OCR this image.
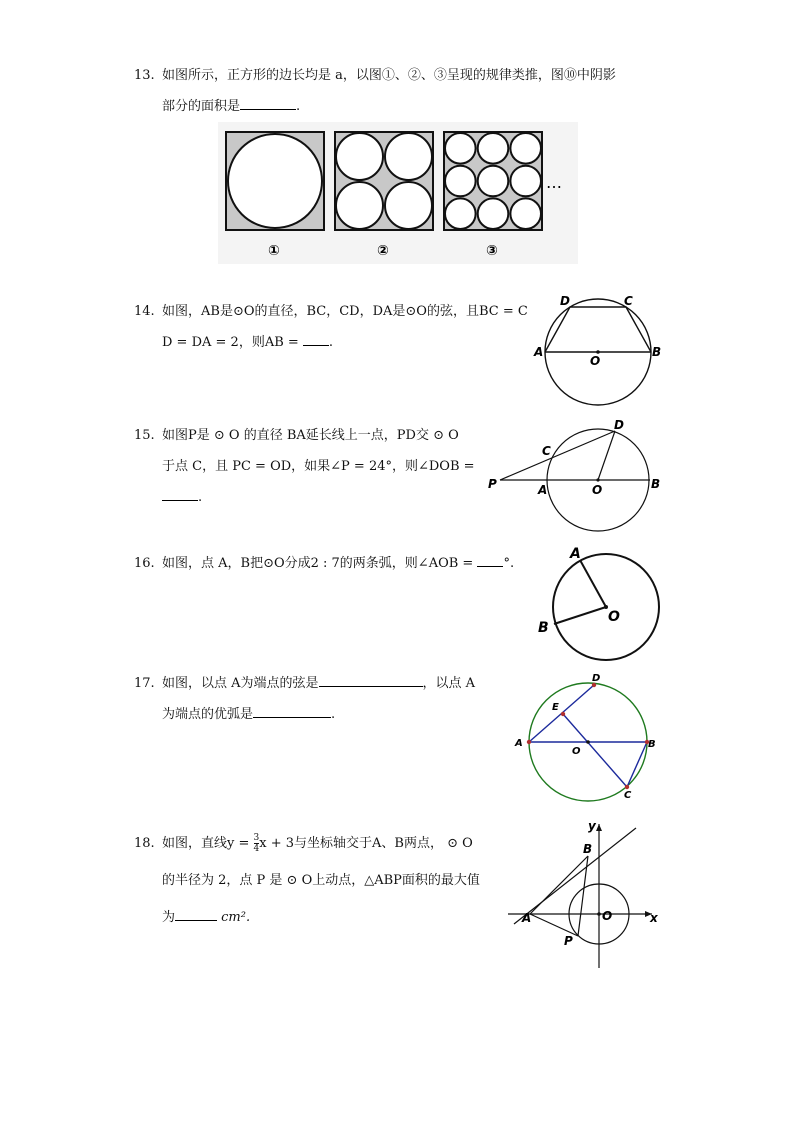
13. 如图所示，正方形的边长均是 a，以图①、②、③呈现的规律类推，图⑩中阴影
部分的面积是	.
…
①	②	③
14. 如图，AB是⊙O的直径，BC，CD，DA是⊙O的弦，且BC = C
D = DA = 2，则AB = .
D	C
A
O
B
15. 如图P是 ⊙ O 的直径 BA延长线上一点，PD交 ⊙ O
于点 C，且 PC = OD，如果∠P = 24°，则∠DOB =
.
D
C
P	A	O	B
16. 如图，点 A，B把⊙O分成2 : 7的两条弧，则∠AOB = °.
A
B
O
17. 如图，以点 A为端点的弦是	，以点 A
为端点的优弧是	.
D
E
A
O
B
C
18. 如图，直线$y = \frac{3}{4}$ x + 3与坐标轴交于A、B两点， ⊙ O
的半径为 2，点 P 是 ⊙ O上动点，△ABP面积的最大值
为	cm².
y
B
A	O	x
P
